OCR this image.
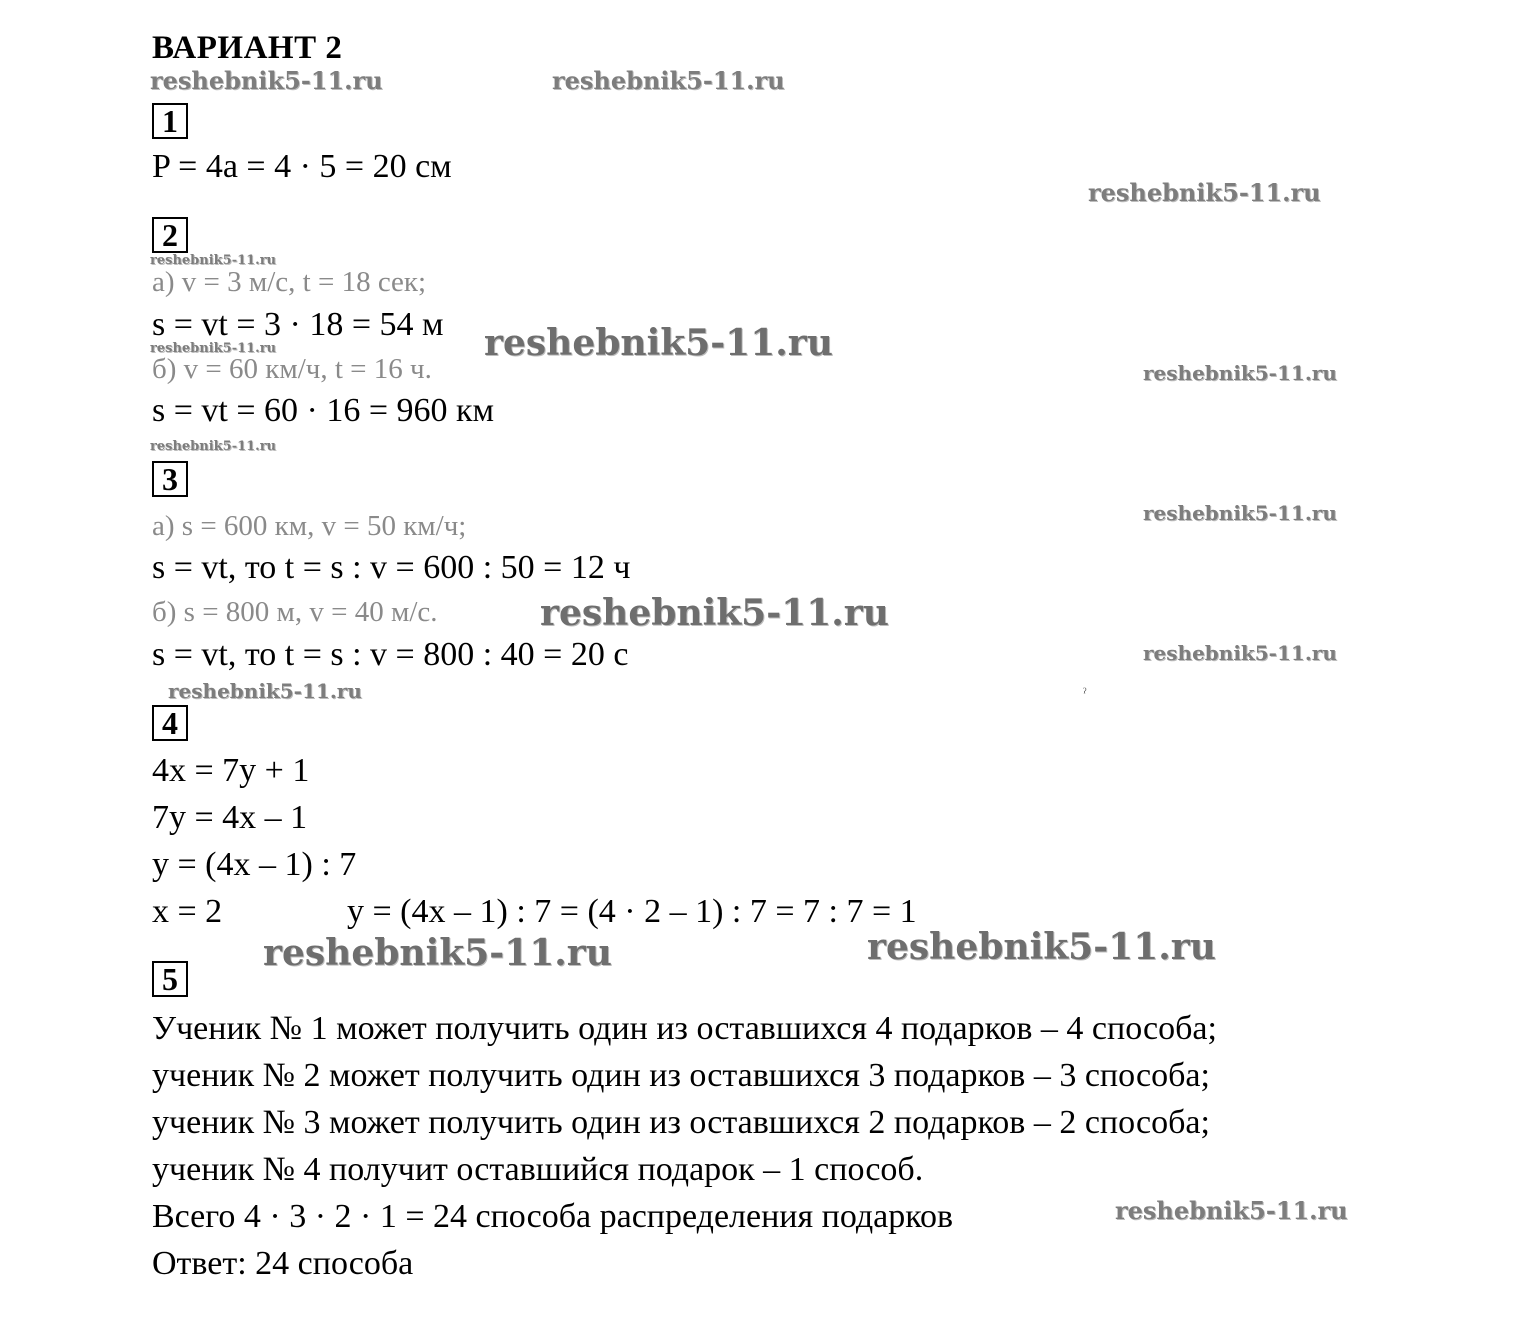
ВАРИАНТ 2
1
P = 4a = 4 · 5 = 20 см
2
а) v = 3 м/с, t = 18 сек;
s = vt = 3 · 18 = 54 м
б) v = 60 км/ч, t = 16 ч.
s = vt = 60 · 16 = 960 км
3
а) s = 600 км, v = 50 км/ч;
s = vt, то t = s : v = 600 : 50 = 12 ч
б) s = 800 м, v = 40 м/с.
s = vt, то t = s : v = 800 : 40 = 20 с
4
4x = 7y + 1
7y = 4x – 1
y = (4x – 1) : 7
x = 2	y = (4x – 1) : 7 = (4 · 2 – 1) : 7 = 7 : 7 = 1
5
Ученик № 1 может получить один из оставшихся 4 подарков – 4 способа;
ученик № 2 может получить один из оставшихся 3 подарков – 3 способа;
ученик № 3 может получить один из оставшихся 2 подарков – 2 способа;
ученик № 4 получит оставшийся подарок – 1 способ.
Всего 4 · 3 · 2 · 1 = 24 способа распределения подарков
Ответ: 24 способа
reshebnik5-11.ru	reshebnik5-11.ru
reshebnik5-11.ru
reshebnik5-11.ru
reshebnik5-11.ru
reshebnik5-11.ru
reshebnik5-11.ru
reshebnik5-11.ru
reshebnik5-11.ru
reshebnik5-11.ru
reshebnik5-11.ru
reshebnik5-11.ru
reshebnik5-11.ru	reshebnik5-11.ru
reshebnik5-11.ru
ˀ
